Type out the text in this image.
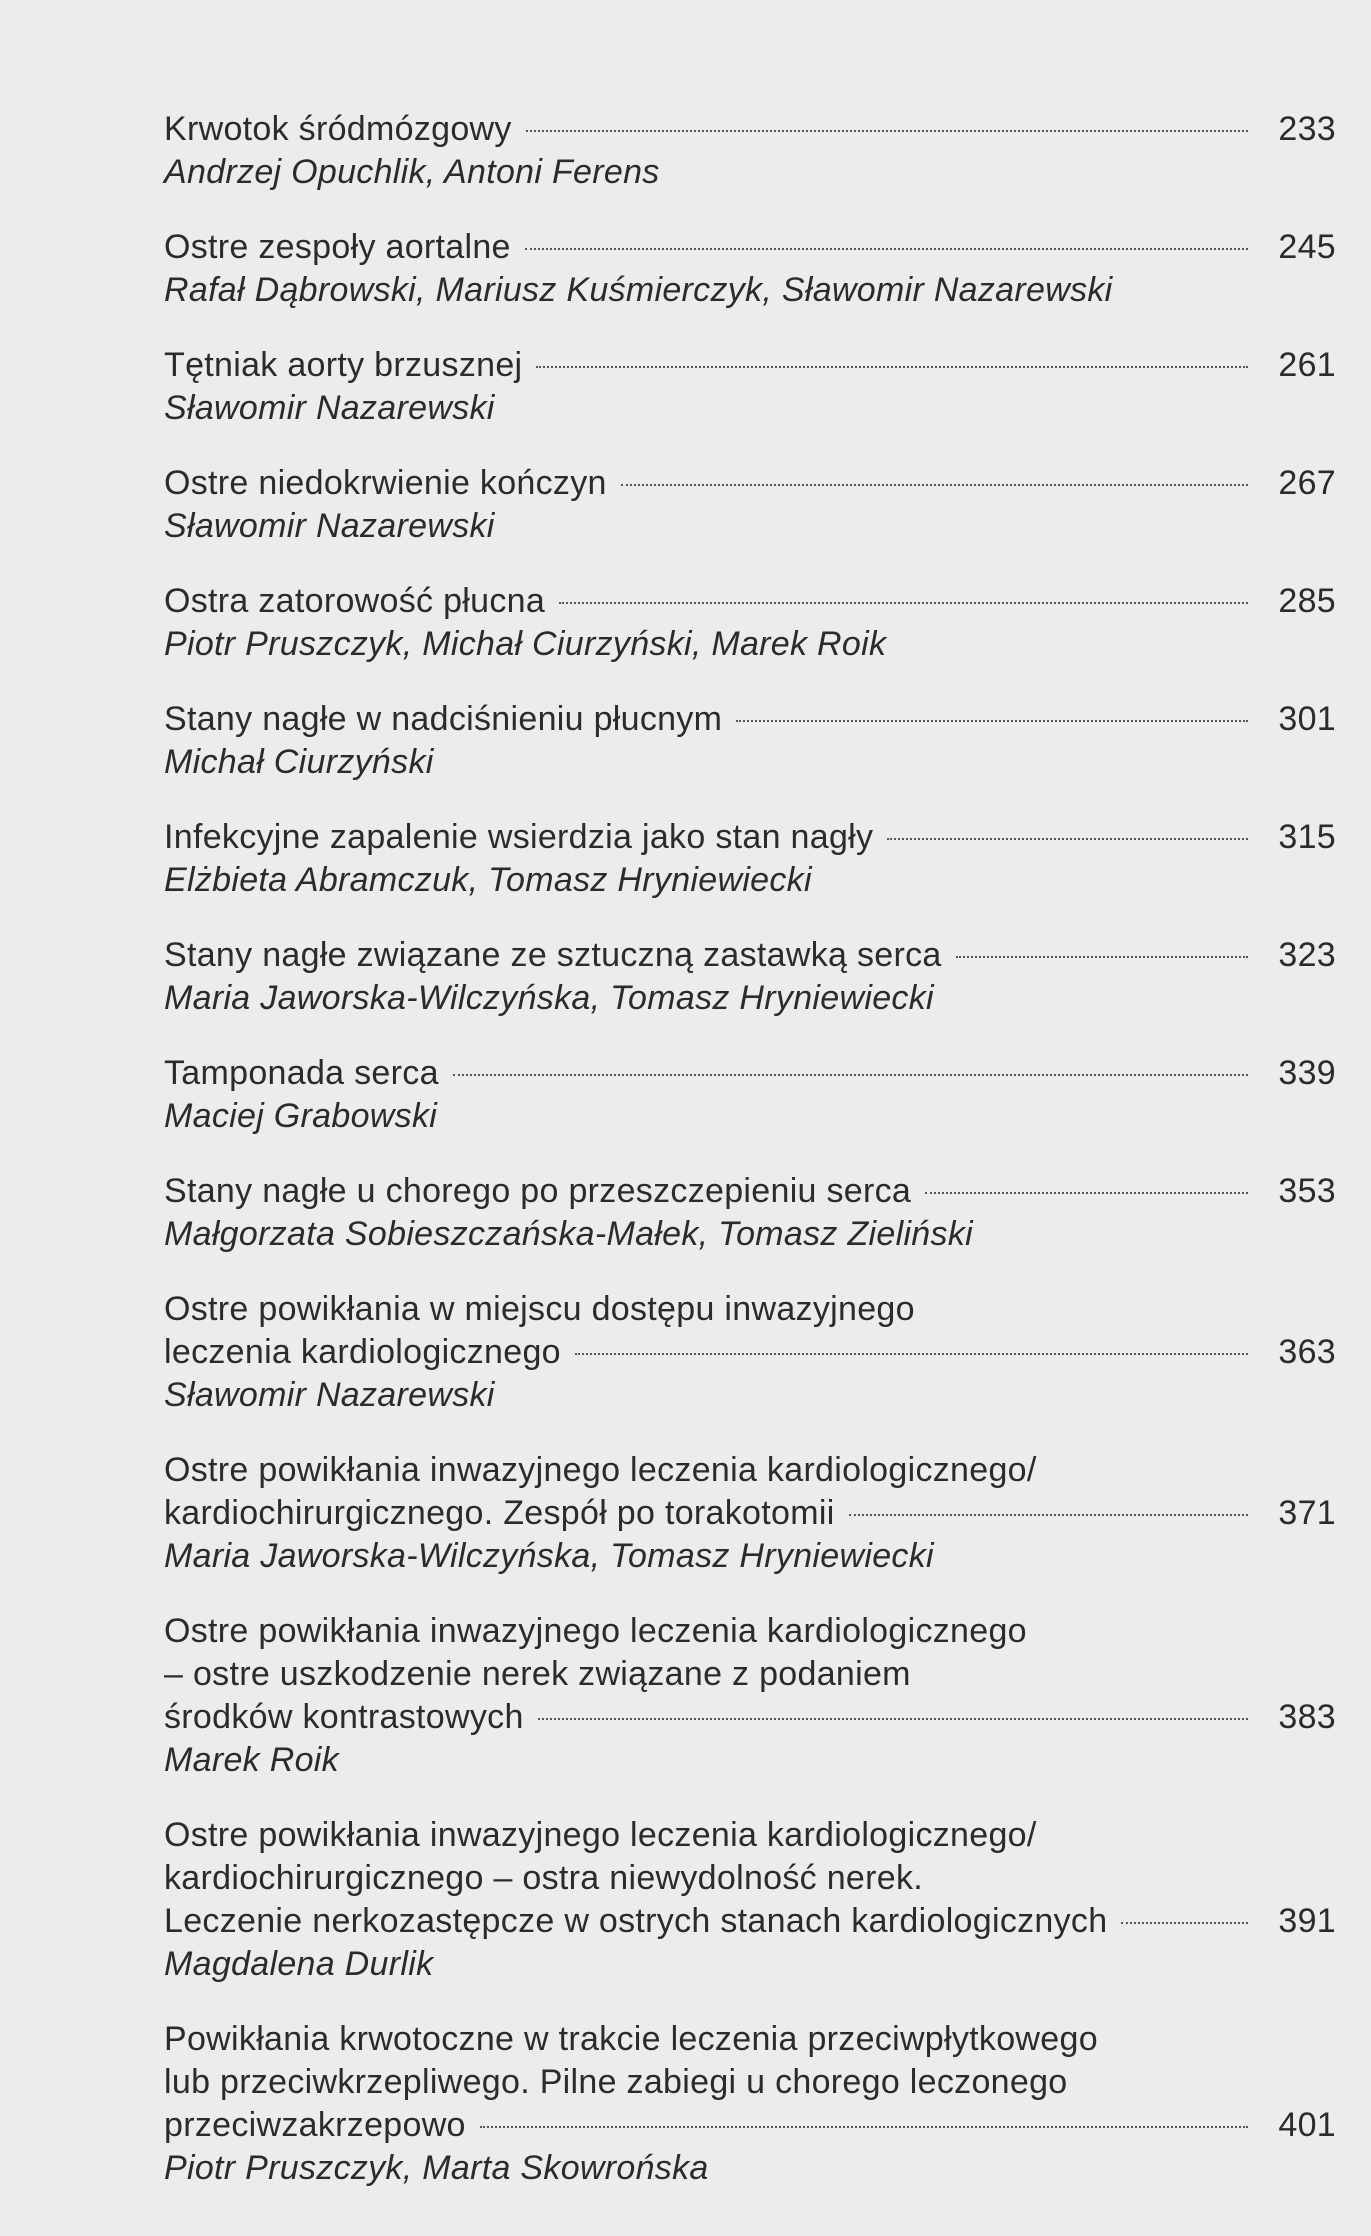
Krwotok śródmózgowy	233
Andrzej Opuchlik, Antoni Ferens
Ostre zespoły aortalne	245
Rafał Dąbrowski, Mariusz Kuśmierczyk, Sławomir Nazarewski
Tętniak aorty brzusznej	261
Sławomir Nazarewski
Ostre niedokrwienie kończyn	267
Sławomir Nazarewski
Ostra zatorowość płucna	285
Piotr Pruszczyk, Michał Ciurzyński, Marek Roik
Stany nagłe w nadciśnieniu płucnym	301
Michał Ciurzyński
Infekcyjne zapalenie wsierdzia jako stan nagły	315
Elżbieta Abramczuk, Tomasz Hryniewiecki
Stany nagłe związane ze sztuczną zastawką serca	323
Maria Jaworska-Wilczyńska, Tomasz Hryniewiecki
Tamponada serca	339
Maciej Grabowski
Stany nagłe u chorego po przeszczepieniu serca	353
Małgorzata Sobieszczańska-Małek, Tomasz Zieliński
Ostre powikłania w miejscu dostępu inwazyjnego
leczenia kardiologicznego	363
Sławomir Nazarewski
Ostre powikłania inwazyjnego leczenia kardiologicznego/
kardiochirurgicznego. Zespół po torakotomii	371
Maria Jaworska-Wilczyńska, Tomasz Hryniewiecki
Ostre powikłania inwazyjnego leczenia kardiologicznego
– ostre uszkodzenie nerek związane z podaniem
środków kontrastowych	383
Marek Roik
Ostre powikłania inwazyjnego leczenia kardiologicznego/
kardiochirurgicznego – ostra niewydolność nerek.
Leczenie nerkozastępcze w ostrych stanach kardiologicznych	391
Magdalena Durlik
Powikłania krwotoczne w trakcie leczenia przeciwpłytkowego
lub przeciwkrzepliwego. Pilne zabiegi u chorego leczonego
przeciwzakrzepowo	401
Piotr Pruszczyk, Marta Skowrońska
